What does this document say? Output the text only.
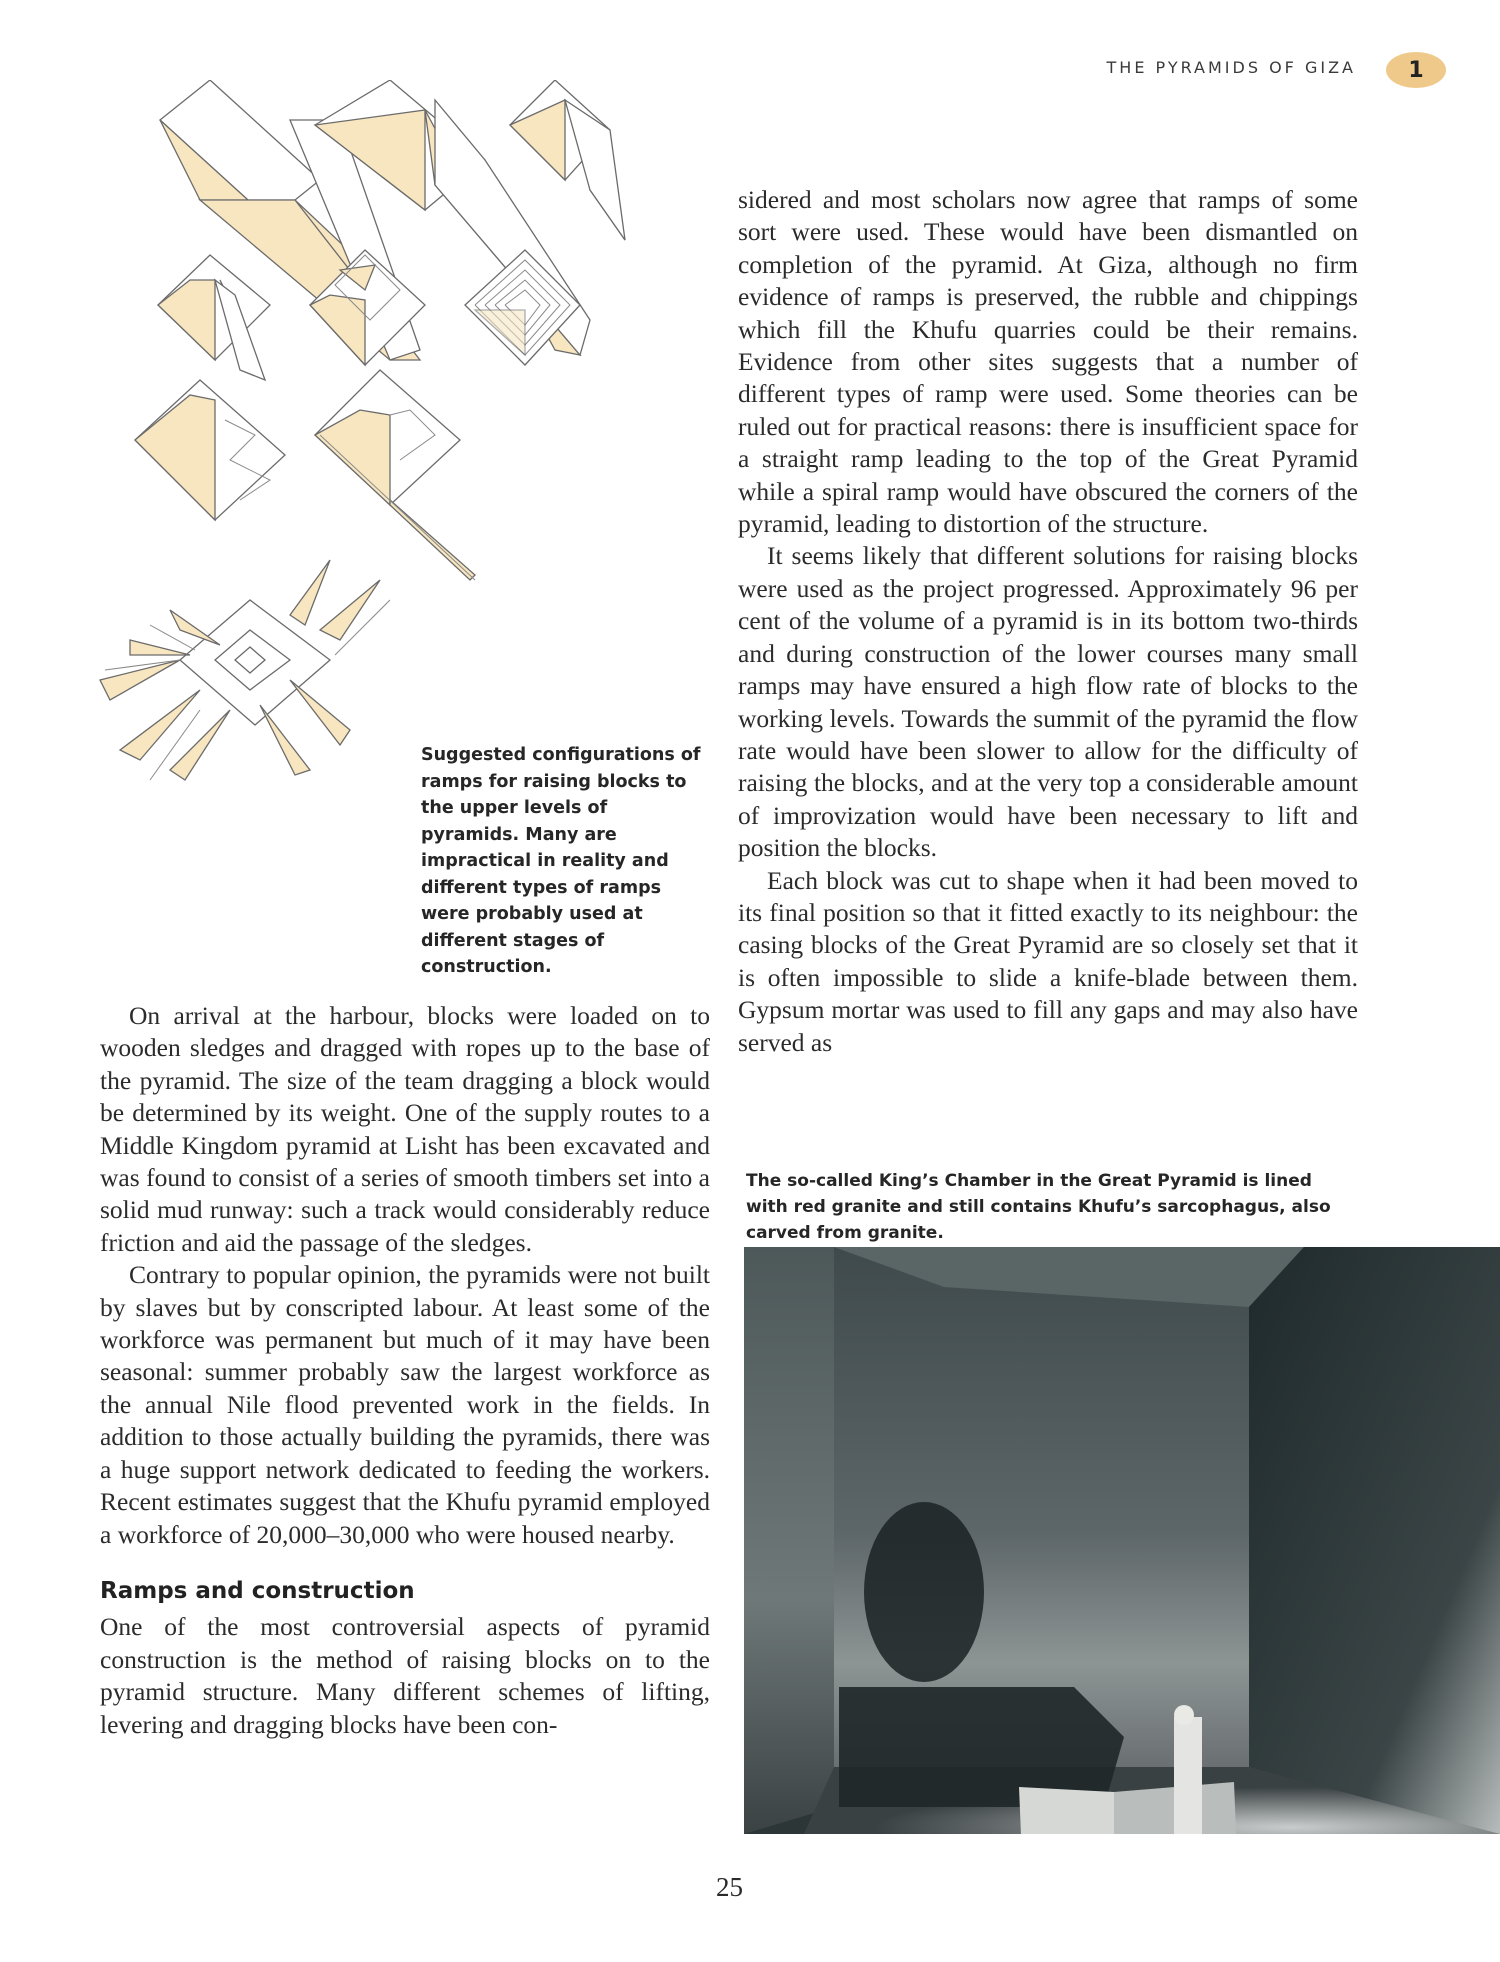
THE PYRAMIDS OF GIZA 1
Suggested configurations of ramps for raising blocks to the upper levels of pyramids. Many are impractical in reality and different types of ramps were probably used at different stages of construction.

sidered and most scholars now agree that ramps of some sort were used. These would have been dismantled on completion of the pyramid. At Giza, although no firm evidence of ramps is preserved, the rubble and chippings which fill the Khufu quarries could be their remains. Evidence from other sites suggests that a number of different types of ramp were used. Some theories can be ruled out for practical reasons: there is insufficient space for a straight ramp leading to the top of the Great Pyramid while a spiral ramp would have obscured the corners of the pyramid, leading to distortion of the structure.

It seems likely that different solutions for raising blocks were used as the project progressed. Approximately 96 per cent of the volume of a pyramid is in its bottom two-thirds and during construction of the lower courses many small ramps may have ensured a high flow rate of blocks to the working levels. Towards the summit of the pyramid the flow rate would have been slower to allow for the difficulty of raising the blocks, and at the very top a considerable amount of improvization would have been necessary to lift and position the blocks.

Each block was cut to shape when it had been moved to its final position so that it fitted exactly to its neighbour: the casing blocks of the Great Pyramid are so closely set that it is often impossible to slide a knife-blade between them. Gypsum mortar was used to fill any gaps and may also have served as

The so-called King’s Chamber in the Great Pyramid is lined with red granite and still contains Khufu’s sarcophagus, also carved from granite.

On arrival at the harbour, blocks were loaded on to wooden sledges and dragged with ropes up to the base of the pyramid. The size of the team dragging a block would be determined by its weight. One of the supply routes to a Middle Kingdom pyramid at Lisht has been excavated and was found to consist of a series of smooth timbers set into a solid mud runway: such a track would considerably reduce friction and aid the passage of the sledges.

Contrary to popular opinion, the pyramids were not built by slaves but by conscripted labour. At least some of the workforce was permanent but much of it may have been seasonal: summer probably saw the largest workforce as the annual Nile flood prevented work in the fields. In addition to those actually building the pyramids, there was a huge support network dedicated to feeding the workers. Recent estimates suggest that the Khufu pyramid employed a workforce of 20,000–30,000 who were housed nearby.

Ramps and construction

One of the most controversial aspects of pyramid construction is the method of raising blocks on to the pyramid structure. Many different schemes of lifting, levering and dragging blocks have been con-

25
